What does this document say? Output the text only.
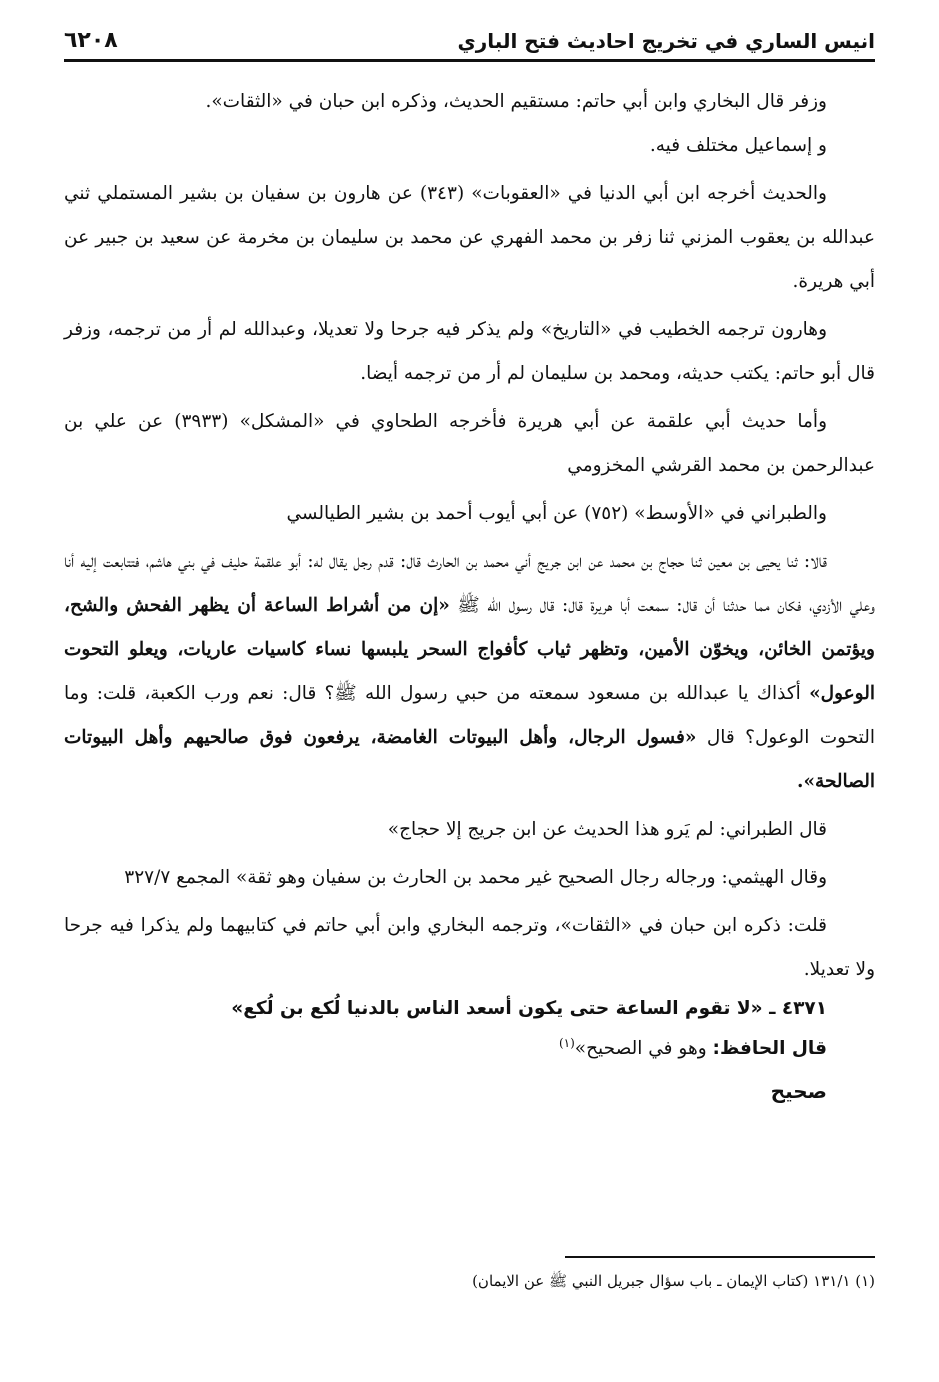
انيس الساري في تخريج احاديث فتح الباري
٦٢٠٨

وزفر قال البخاري وابن أبي حاتم: مستقيم الحديث، وذكره ابن حبان في «الثقات».

و إسماعيل مختلف فيه.

والحديث أخرجه ابن أبي الدنيا في «العقوبات» (٣٤٣) عن هارون بن سفيان بن بشير المستملي ثني عبدالله بن يعقوب المزني ثنا زفر بن محمد الفهري عن محمد بن سليمان بن مخرمة عن سعيد بن جبير عن أبي هريرة.

وهارون ترجمه الخطيب في «التاريخ» ولم يذكر فيه جرحا ولا تعديلا، وعبدالله لم أر من ترجمه، وزفر قال أبو حاتم: يكتب حديثه، ومحمد بن سليمان لم أر من ترجمه أيضا.

وأما حديث أبي علقمة عن أبي هريرة فأخرجه الطحاوي في «المشكل» (٣٩٣٣) عن علي بن عبدالرحمن بن محمد القرشي المخزومي

والطبراني في «الأوسط» (٧٥٢) عن أبي أيوب أحمد بن بشير الطيالسي

قالا: ثنا يحيى بن معين ثنا حجاج بن محمد عن ابن جريج أني محمد بن الحارث قال: قدم رجل يقال له: أبو علقمة حليف في بني هاشم، فتتابعت إليه أنا وعلي الأزدي، فكان مما حدثنا أن قال: سمعت أبا هريرة قال: قال رسول الله ﷺ «إن من أشراط الساعة أن يظهر الفحش والشح، ويؤتمن الخائن، ويخوّن الأمين، وتظهر ثياب كأفواج السحر يلبسها نساء كاسيات عاريات، ويعلو التحوت الوعول» أكذاك يا عبدالله بن مسعود سمعته من حبي رسول الله ﷺ؟ قال: نعم ورب الكعبة، قلت: وما التحوت الوعول؟ قال «فسول الرجال، وأهل البيوتات الغامضة، يرفعون فوق صالحيهم وأهل البيوتات الصالحة».

قال الطبراني: لم يَرو هذا الحديث عن ابن جريج إلا حجاج»

وقال الهيثمي: ورجاله رجال الصحيح غير محمد بن الحارث بن سفيان وهو ثقة» المجمع ٣٢٧/٧

قلت: ذكره ابن حبان في «الثقات»، وترجمه البخاري وابن أبي حاتم في كتابيهما ولم يذكرا فيه جرحا ولا تعديلا.

٤٣٧١ ـ «لا تقوم الساعة حتى يكون أسعد الناس بالدنيا لُكع بن لُكع»

قال الحافظ: وهو في الصحيح»$^{(١)}$

صحيح

(١) ١٣١/١ (كتاب الإيمان ـ باب سؤال جبريل النبي ﷺ عن الايمان)
